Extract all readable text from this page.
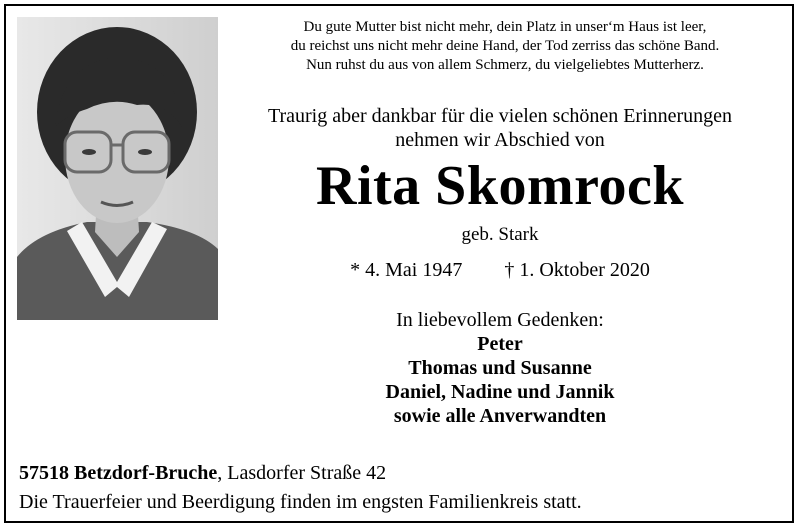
Du gute Mutter bist nicht mehr, dein Platz in unser‘m Haus ist leer,
du reichst uns nicht mehr deine Hand, der Tod zerriss das schöne Band.
Nun ruhst du aus von allem Schmerz, du vielgeliebtes Mutterherz.
Traurig aber dankbar für die vielen schönen Erinnerungen
nehmen wir Abschied von
Rita Skomrock
geb. Stark
* 4. Mai 1947 † 1. Oktober 2020
In liebevollem Gedenken:
Peter
Thomas und Susanne
Daniel, Nadine und Jannik
sowie alle Anverwandten
57518 Betzdorf-Bruche, Lasdorfer Straße 42
Die Trauerfeier und Beerdigung finden im engsten Familienkreis statt.
